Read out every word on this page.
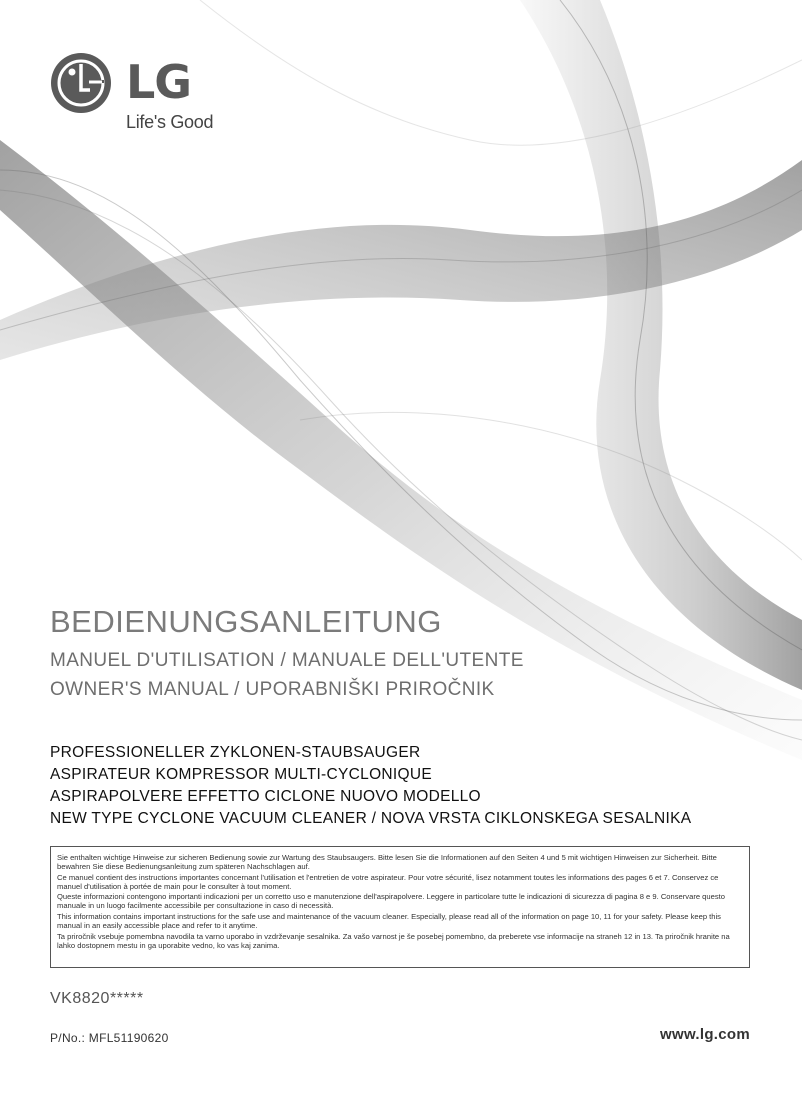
LG
Life's Good
BEDIENUNGSANLEITUNG
MANUEL D'UTILISATION / MANUALE DELL'UTENTE
OWNER'S MANUAL / UPORABNIŠKI PRIROČNIK
PROFESSIONELLER ZYKLONEN-STAUBSAUGER
ASPIRATEUR KOMPRESSOR MULTI-CYCLONIQUE
ASPIRAPOLVERE EFFETTO CICLONE NUOVO MODELLO
NEW TYPE CYCLONE VACUUM CLEANER / NOVA VRSTA CIKLONSKEGA SESALNIKA

Sie enthalten wichtige Hinweise zur sicheren Bedienung sowie zur Wartung des Staubsaugers. Bitte lesen Sie die Informationen auf den Seiten 4 und 5 mit wichtigen Hinweisen zur Sicherheit. Bitte bewahren Sie diese Bedienungsanleitung zum späteren Nachschlagen auf.

Ce manuel contient des instructions importantes concernant l'utilisation et l'entretien de votre aspirateur. Pour votre sécurité, lisez notamment toutes les informations des pages 6 et 7. Conservez ce manuel d'utilisation à portée de main pour le consulter à tout moment.

Queste informazioni contengono importanti indicazioni per un corretto uso e manutenzione dell'aspirapolvere. Leggere in particolare tutte le indicazioni di sicurezza di pagina 8 e 9. Conservare questo manuale in un luogo facilmente accessibile per consultazione in caso di necessità.

This information contains important instructions for the safe use and maintenance of the vacuum cleaner. Especially, please read all of the information on page 10, 11 for your safety. Please keep this manual in an easily accessible place and refer to it anytime.

Ta priročnik vsebuje pomembna navodila ta varno uporabo in vzdrževanje sesalnika. Za vašo varnost je še posebej pomembno, da preberete vse informacije na straneh 12 in 13. Ta priročnik hranite na lahko dostopnem mestu in ga uporabite vedno, ko vas kaj zanima.

VK8820*****
P/No.: MFL51190620	www.lg.com
